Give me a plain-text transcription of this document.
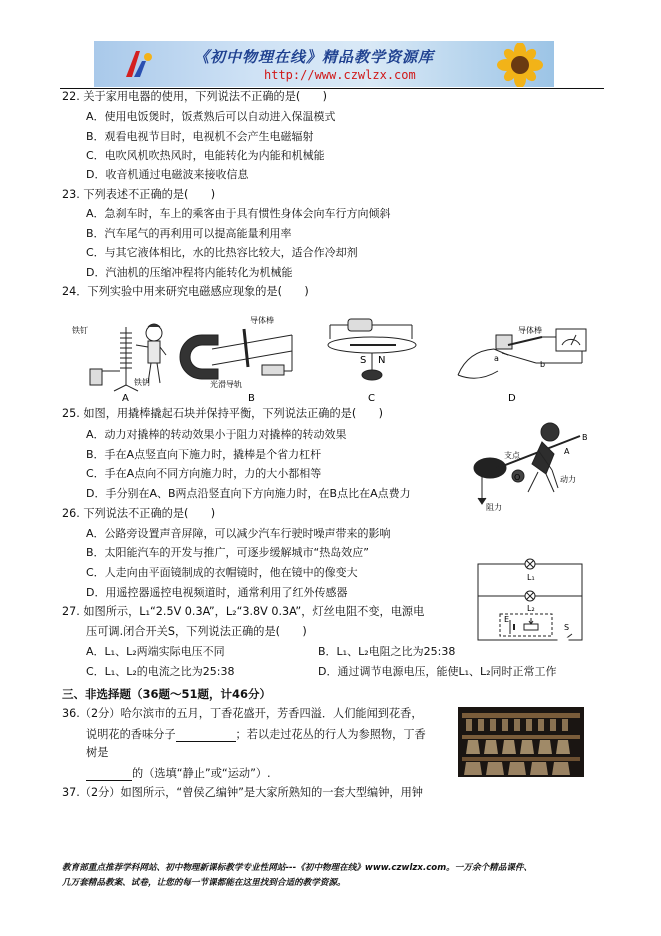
《初中物理在线》精品教学资源库
http://www.czwlzx.com
22. 关于家用电器的使用，下列说法不正确的是(　　)
A．使用电饭煲时，饭煮熟后可以自动进入保温模式
B．观看电视节目时，电视机不会产生电磁辐射
C．电吹风机吹热风时，电能转化为内能和机械能
D．收音机通过电磁波来接收信息
23. 下列表述不正确的是(　　)
A．急刹车时，车上的乘客由于具有惯性身体会向车行方向倾斜
B．汽车尾气的再利用可以提高能量利用率
C．与其它液体相比，水的比热容比较大，适合作冷却剂
D．汽油机的压缩冲程将内能转化为机械能
24．下列实验中用来研究电磁感应现象的是(　　)
铁钉
铁钥
A
导体棒
光滑导轨
B
S N
C
导体棒
a
b
D
25. 如图，用撬棒撬起石块并保持平衡，下列说法正确的是(　　)
A．动力对撬棒的转动效果小于阻力对撬棒的转动效果
B．手在A点竖直向下施力时，撬棒是个省力杠杆
C．手在A点向不同方向施力时，力的大小都相等
D．手分别在A、B两点沿竖直向下方向施力时，在B点比在A点费力
支点
动力
阻力
A
B
O
26. 下列说法不正确的是(　　)
A．公路旁设置声音屏障，可以减少汽车行驶时噪声带来的影响
B．太阳能汽车的开发与推广，可逐步缓解城市“热岛效应”
C．人走向由平面镜制成的衣帽镜时，他在镜中的像变大
D．用遥控器遥控电视频道时，通常利用了红外传感器
L₁
L₂
E
S
27. 如图所示，L₁“2.5V 0.3A”，L₂“3.8V 0.3A”，灯丝电阻不变，电源电
压可调.闭合开关S，下列说法正确的是(　　)
A．L₁、L₂两端实际电压不同	B．L₁、L₂电阻之比为25:38
C．L₁、L₂的电流之比为25:38	D．通过调节电源电压，能使L₁、L₂同时正常工作
三、非选择题（36题～51题，计46分）
36.（2分）哈尔滨市的五月，丁香花盛开，芳香四溢．人们能闻到花香，
说明花的香味分子	；若以走过花丛的行人为参照物，丁香
树是
的（选填“静止”或“运动”）.
37.（2分）如图所示，“曾侯乙编钟”是大家所熟知的一套大型编钟，用钟
教育部重点推荐学科网站、初中物理新课标教学专业性网站---《初中物理在线》www.czwlzx.com。一万余个精品课件、
几万套精品教案、试卷，让您的每一节课都能在这里找到合适的教学资源。
